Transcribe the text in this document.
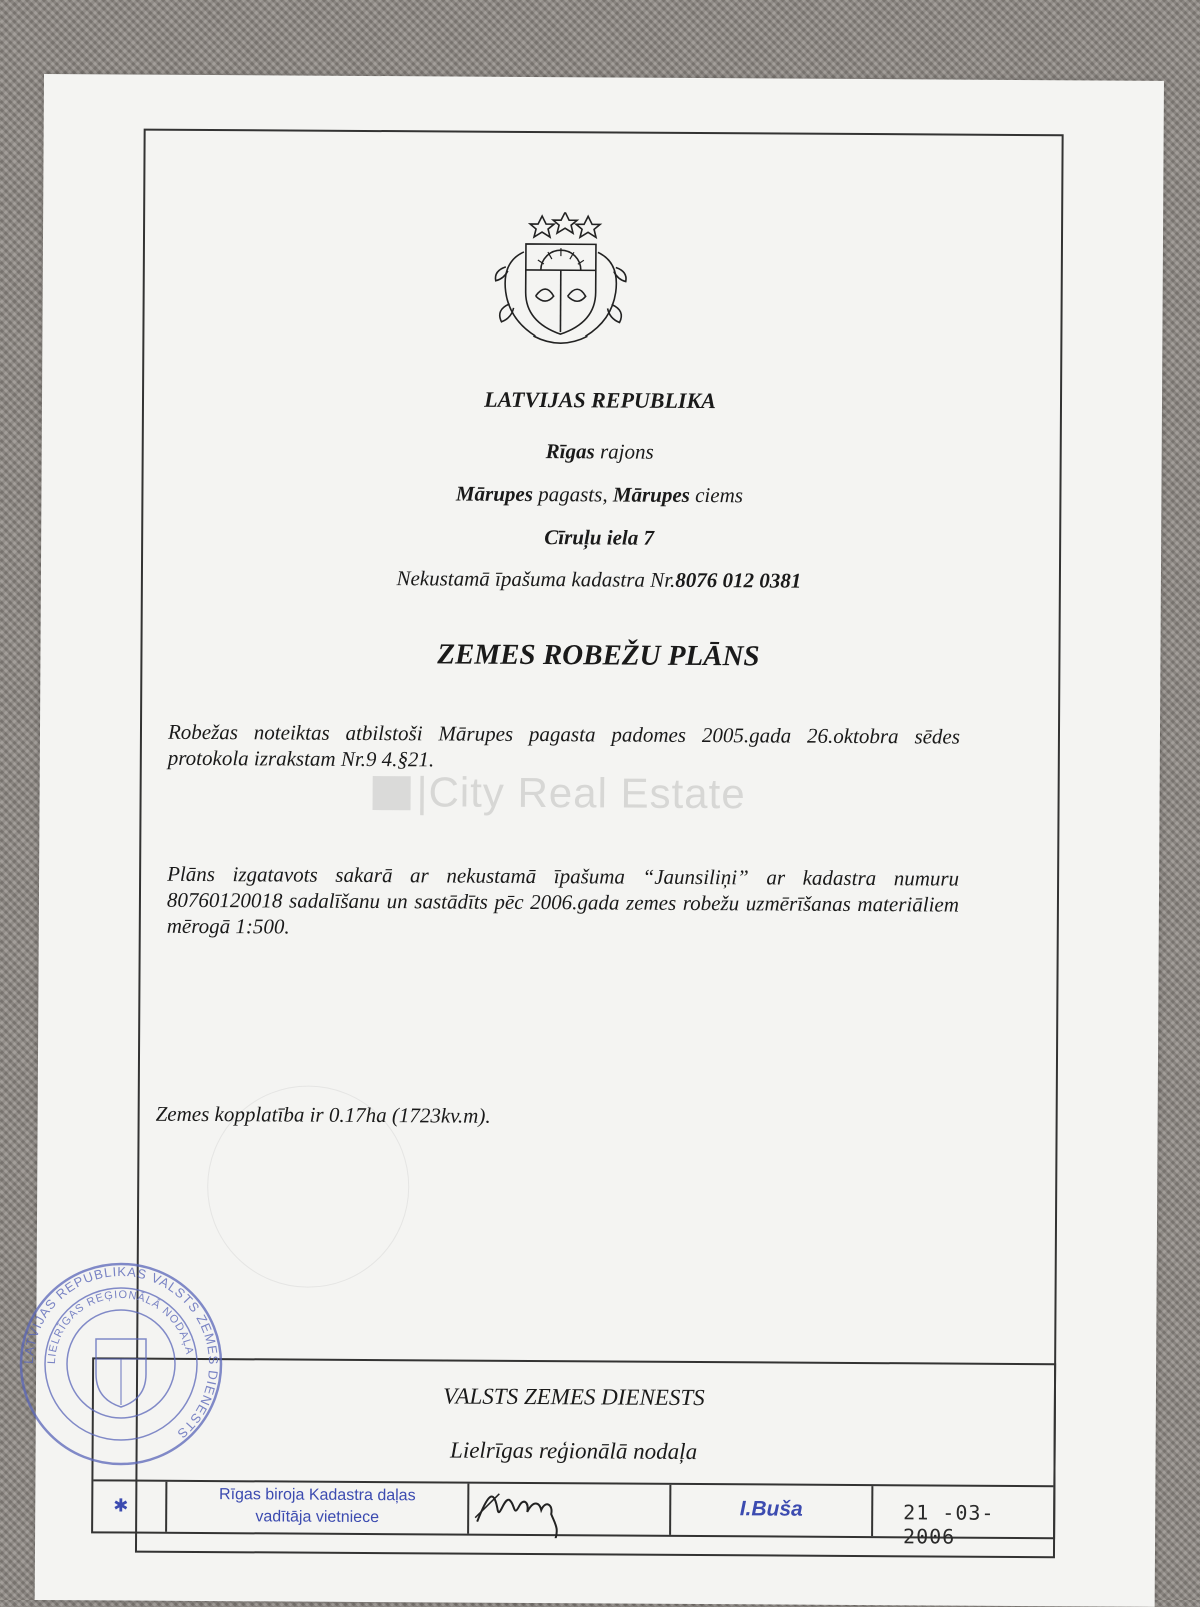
LATVIJAS REPUBLIKA
Rīgas rajons
Mārupes pagasts, Mārupes ciems
Cīruļu iela 7
Nekustamā īpašuma kadastra Nr.8076 012 0381
ZEMES ROBEŽU PLĀNS
Robežas noteiktas atbilstoši Mārupes pagasta padomes 2005.gada 26.oktobra sēdes protokola izrakstam Nr.9 4.§21.
|City Real Estate
Plāns izgatavots sakarā ar nekustamā īpašuma “Jaunsiliņi” ar kadastra numuru 80760120018 sadalīšanu un sastādīts pēc 2006.gada zemes robežu uzmērīšanas materiāliem mērogā 1:500.
Zemes kopplatība ir 0.17ha (1723kv.m).
VALSTS ZEMES DIENESTS
Lielrīgas reģionālā nodaļa
✱
Rīgas biroja Kadastra daļas
vadītāja vietniece	I.Buša	21 -03- 2006
LATVIJAS REPUBLIKAS VALSTS ZEMES DIENESTS
LIELRĪGAS REĢIONĀLĀ NODAĻA
